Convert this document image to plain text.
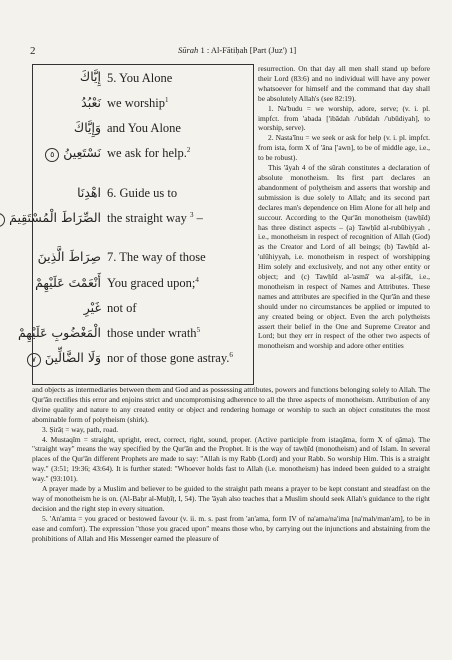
2	Sūrah 1 : Al-Fātiḥah [Part (Juz') 1]
إِيَّاكَ
نَعْبُدُ
وَإِيَّاكَ
نَسْتَعِينُ ٥
اهْدِنَا
الصِّرَاطَ الْمُسْتَقِيمَ
صِرَاطَ الَّذِينَ
أَنْعَمْتَ عَلَيْهِمْ
غَيْرِ
الْمَغْضُوبِ عَلَيْهِمْ
وَلَا الضَّالِّينَ ٧
5. You Alone
we worship$^1$
and You Alone
we ask for help.$^2$
6. Guide us to
the straight way $^3$ –
7. The way of those
You graced upon;$^4$
not of
those under wrath$^5$
nor of those gone astray.$^6$

resurrection. On that day all men shall stand up before their Lord (83:6) and no individual will have any power whatsoever for himself and the command that day shall be absolutely Allah's (see 82:19).

1. Na'budu = we worship, adore, serve; (v. i. pl. impfct. from 'abada ['ibādah /'ubūdah /'ubūdiyah], to worship, serve).

2. Nasta'īnu = we seek or ask for help (v. i. pl. impfct. from ista, form X of 'āna ['awn], to be of middle age, i.e., to be robust).

This 'āyah 4 of the sūrah constitutes a declaration of absolute monotheism. Its first part declares an abandonment of polytheism and asserts that worship and submission is due solely to Allah; and its second part declares man's dependence on Him Alone for all help and succour. According to the Qur'ān monotheism (tawḥīd) has three distinct aspects – (a) Tawḥīd al-rubūbiyyah , i.e., monotheism in respect of recognition of Allah (God) as the Creator and Lord of all beings; (b) Tawḥīd al-'ulūhiyyah, i.e. monotheism in respect of worshipping Him solely and exclusively, and not any other entity or object; and (c) Tawḥīd al-'asmā' wa al-ṣifāt, i.e., monotheism in respect of Names and Attributes. These names and attributes are specified in the Qur'ān and these should under no circumstances be applied or imputed to any created being or object. Even the arch polytheists assert their belief in the One and Supreme Creator and Lord; but they err in respect of the other two aspects of monotheism and worship and adore other entities

and objects as intermediaries between them and God and as possessing attributes, powers and functions belonging solely to Allah. The Qur'ān rectifies this error and enjoins strict and uncompromising adherence to all the three aspects of monotheism. Attribution of any divine quality and nature to any created entity or object and rendering homage or worship to such an object constitutes the most abominable form of polytheism (shirk).

3. Ṣirāṭ = way, path, road.

4. Mustaqīm = straight, upright, erect, correct, right, sound, proper. (Active participle from istaqāma, form X of qāma). The "straight way" means the way specified by the Qur'ān and the Prophet. It is the way of tawḥīd (monotheism) and of Islam. In several places of the Qur'ān different Prophets are made to say: "Allah is my Rabb (Lord) and your Rabb. So worship Him. This is a straight way." (3:51; 19:36; 43:64). It is further stated: "Whoever holds fast to Allah (i.e. monotheism) has indeed been guided to a straight way." (93:101).

A prayer made by a Muslim and believer to be guided to the straight path means a prayer to be kept constant and steadfast on the way of monotheism he is on. (Al-Baḥr al-Muḥīṭ, I, 54). The 'āyah also teaches that a Muslim should seek Allah's guidance to the right decision and the right step in every situation.

5. 'An'amta = you graced or bestowed favour (v. ii. m. s. past from 'an'ama, form IV of na'ama/na'ima [na'mah/man'am], to be in ease and comfort). The expression "those you graced upon" means those who, by carrying out the injunctions and abstaining from the prohibitions of Allah and His Messenger earned the pleasure of
